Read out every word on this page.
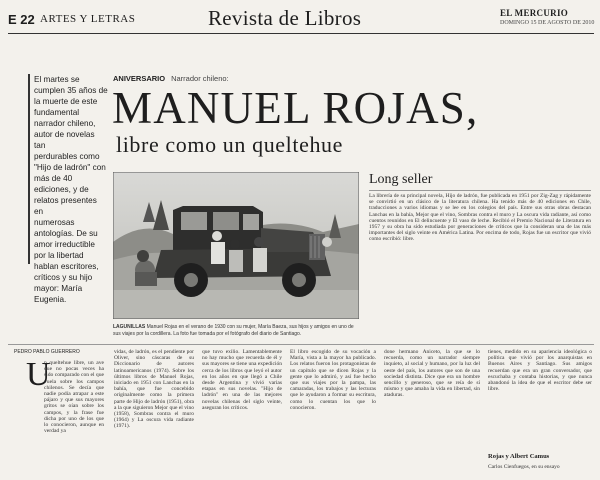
E 22 ARTES Y LETRAS	Revista de Libros	EL MERCURIO
DOMINGO 15 DE AGOSTO DE 2010
El martes se
cumplen 35 años de
la muerte de este
fundamental
narrador chileno,
autor de novelas tan
perdurables como
"Hijo de ladrón" con
más de 40
ediciones, y de
relatos presentes en
numerosas
antologías. De su
amor irreductible
por la libertad
hablan escritores,
críticos y su hijo
mayor: María
Eugenia.
ANIVERSARIO Narrador chileno:
MANUEL ROJAS,
libre como un queltehue
LAGUNILLAS Manuel Rojas en el verano de 1930 con su mujer, María Baeza, sus hijos y amigos en uno de sus viajes por la cordillera. La foto fue tomada por el fotógrafo del diario de Santiago.
Long seller
La librería de su principal novela, Hijo de ladrón, fue publicada en 1951 por Zig-Zag y rápidamente se convirtió en un clásico de la literatura chilena. Ha tenido más de 40 ediciones en Chile, traducciones a varios idiomas y se lee en los colegios del país. Entre sus otras obras destacan Lanchas en la bahía, Mejor que el vino, Sombras contra el muro y La oscura vida radiante, así como cuentos reunidos en El delincuente y El vaso de leche. Recibió el Premio Nacional de Literatura en 1957 y su obra ha sido estudiada por generaciones de críticos que la consideran una de las más importantes del siglo veinte en América Latina. Por encima de todo, Rojas fue un escritor que vivió como escribió: libre.
PEDRO PABLO GUERRERO
U
n queltehue libre, un ave que no pocas veces ha sido comparado con el que vuela sobre los campos chilenos. Se decía que nadie podía atrapar a este pájaro y que sus mayores gritos se oían sobre los campos, y la frase fue dicha por uno de los que lo conocieron, aunque en verdad ya
vidas, de ladrón, es el pendiente por Oliver, sino cáscaras de su Diccionario de autores latinoamericanos (1974). Sobre los últimos libros de Manuel Rojas, iniciado en 1951 con Lanchas en la bahía, que fue concebido originalmente como la primera parte de Hijo de ladrón (1951), obra a la que siguieron Mejor que el vino (1958), Sombras contra el muro (1964) y La oscura vida radiante (1971).
que tuvo exilio. Lamentablemente no hay mucho que recuerda de él y sus mayores se tiene una expedición cerca de los libros que leyó el autor en los años en que llegó a Chile desde Argentina y vivió varias etapas en sus novelas. "Hijo de ladrón" en una de las mejores novelas chilenas del siglo veinte, aseguran los críticos.
El libro escogido de su vocación a María, vista a la mayor ha publicado. Los relatos fueron los protagonistas de un capítulo que se dicen Rojas y la gente que lo admiró, y así fue hecho que sus viajes por la pampa, las camaradas, los trabajos y las lecturas que le ayudaron a formar su escritura, como lo cuentan los que lo conocieron.
done hermano Aniceto, la que se lo recuerda, como un narrador siempre inquieto, al social y humano, por la luz del oeste del país, los autores que son de una sociedad distinta. Dice que era un hombre sencillo y generoso, que se reía de sí mismo y que amaba la vida en libertad, sin ataduras.
tienes, medido en su apariencia ideológica o política que vivió por los anarquistas en Buenos Aires y Santiago. Sus amigos recuerdan que era un gran conversador, que escuchaba y contaba historias, y que nunca abandonó la idea de que el escritor debe ser libre.
Rojas y Albert Camus
Carlos Cienfuegos, en su ensayo
